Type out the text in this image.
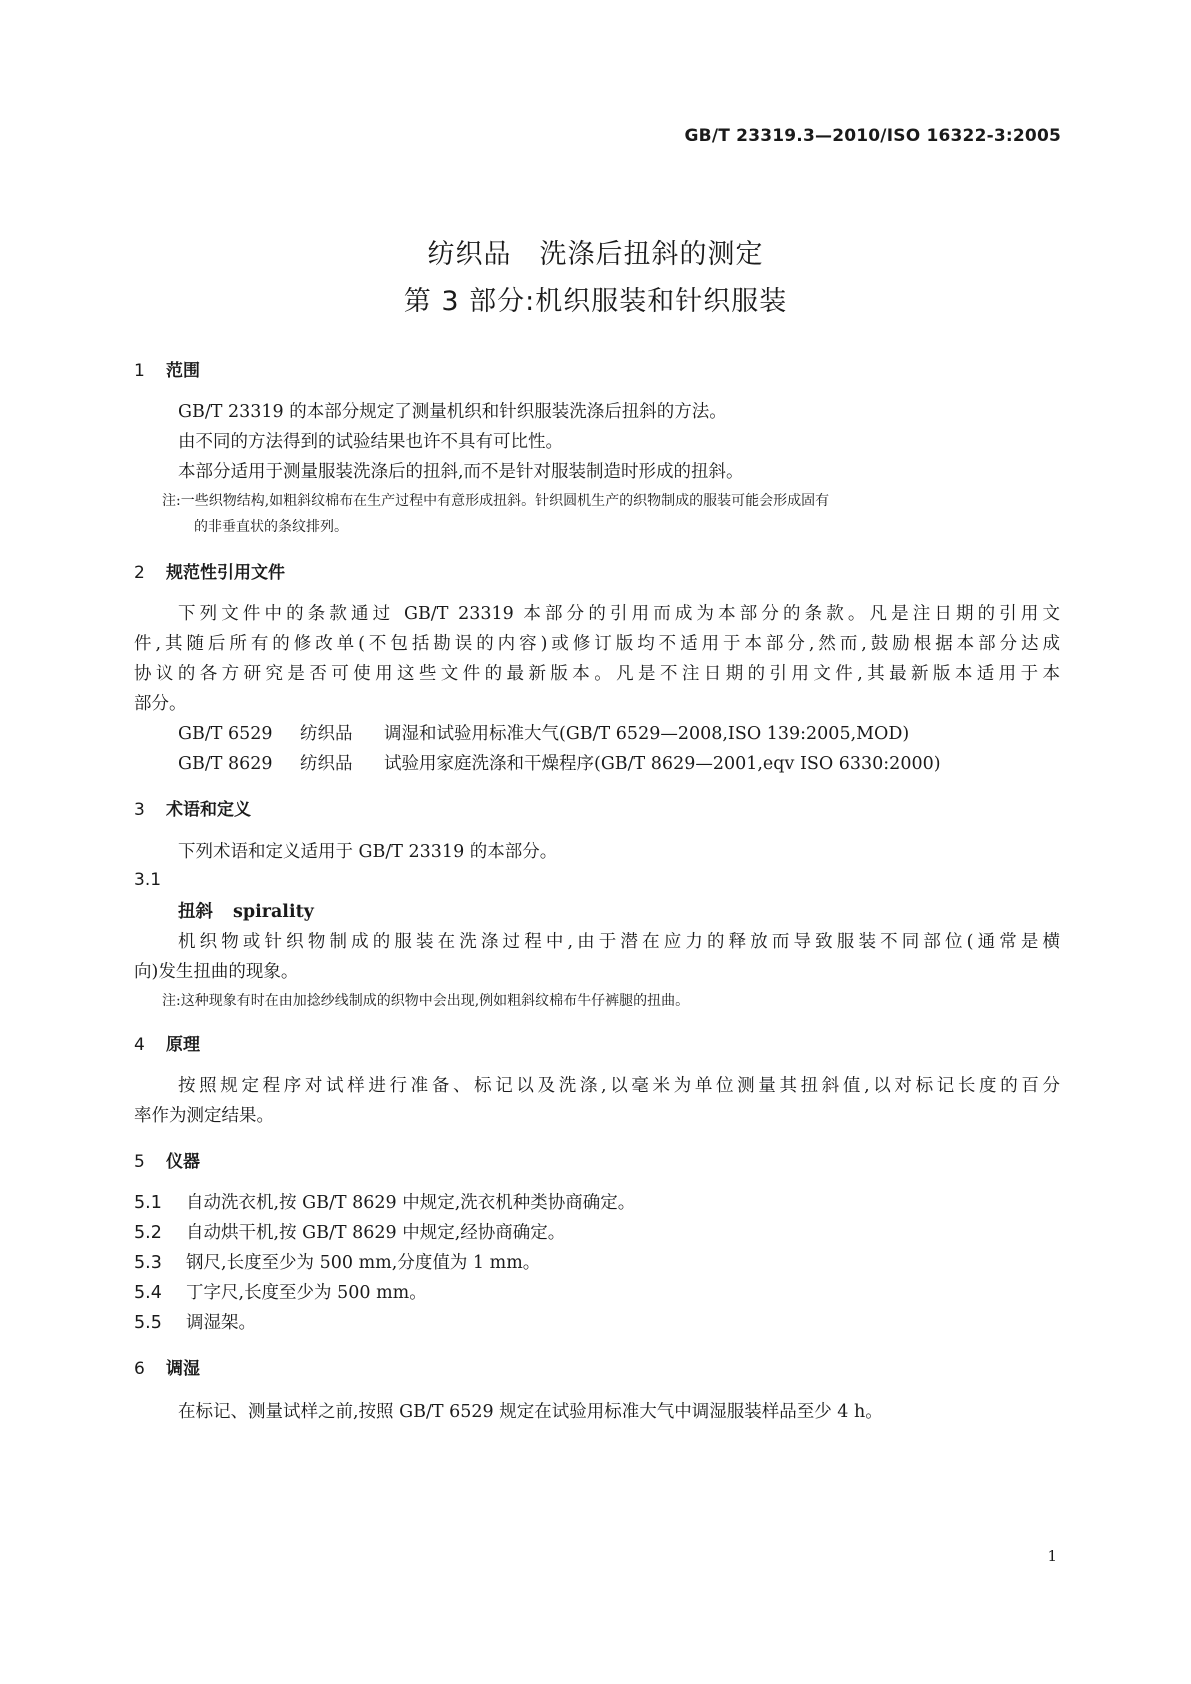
GB/T 23319.3—2010/ISO 16322-3:2005
纺织品　洗涤后扭斜的测定
第 3 部分:机织服装和针织服装
1 范围
GB/T 23319 的本部分规定了测量机织和针织服装洗涤后扭斜的方法。
由不同的方法得到的试验结果也许不具有可比性。
本部分适用于测量服装洗涤后的扭斜,而不是针对服装制造时形成的扭斜。
注:一些织物结构,如粗斜纹棉布在生产过程中有意形成扭斜。针织圆机生产的织物制成的服装可能会形成固有
的非垂直状的条纹排列。
2 规范性引用文件
下列文件中的条款通过 GB/T 23319 本部分的引用而成为本部分的条款。凡是注日期的引用文
件,其随后所有的修改单(不包括勘误的内容)或修订版均不适用于本部分,然而,鼓励根据本部分达成
协议的各方研究是否可使用这些文件的最新版本。凡是不注日期的引用文件,其最新版本适用于本
部分。
GB/T 6529 纺织品 调湿和试验用标准大气(GB/T 6529—2008,ISO 139:2005,MOD)
GB/T 8629 纺织品 试验用家庭洗涤和干燥程序(GB/T 8629—2001,eqv ISO 6330:2000)
3 术语和定义
下列术语和定义适用于 GB/T 23319 的本部分。
3.1
扭斜 spirality
机织物或针织物制成的服装在洗涤过程中,由于潜在应力的释放而导致服装不同部位(通常是横
向)发生扭曲的现象。
注:这种现象有时在由加捻纱线制成的织物中会出现,例如粗斜纹棉布牛仔裤腿的扭曲。
4 原理
按照规定程序对试样进行准备、标记以及洗涤,以毫米为单位测量其扭斜值,以对标记长度的百分
率作为测定结果。
5 仪器
5.1 自动洗衣机,按 GB/T 8629 中规定,洗衣机种类协商确定。
5.2 自动烘干机,按 GB/T 8629 中规定,经协商确定。
5.3 钢尺,长度至少为 500 mm,分度值为 1 mm。
5.4 丁字尺,长度至少为 500 mm。
5.5 调湿架。
6 调湿
在标记、测量试样之前,按照 GB/T 6529 规定在试验用标准大气中调湿服装样品至少 4 h。
1
